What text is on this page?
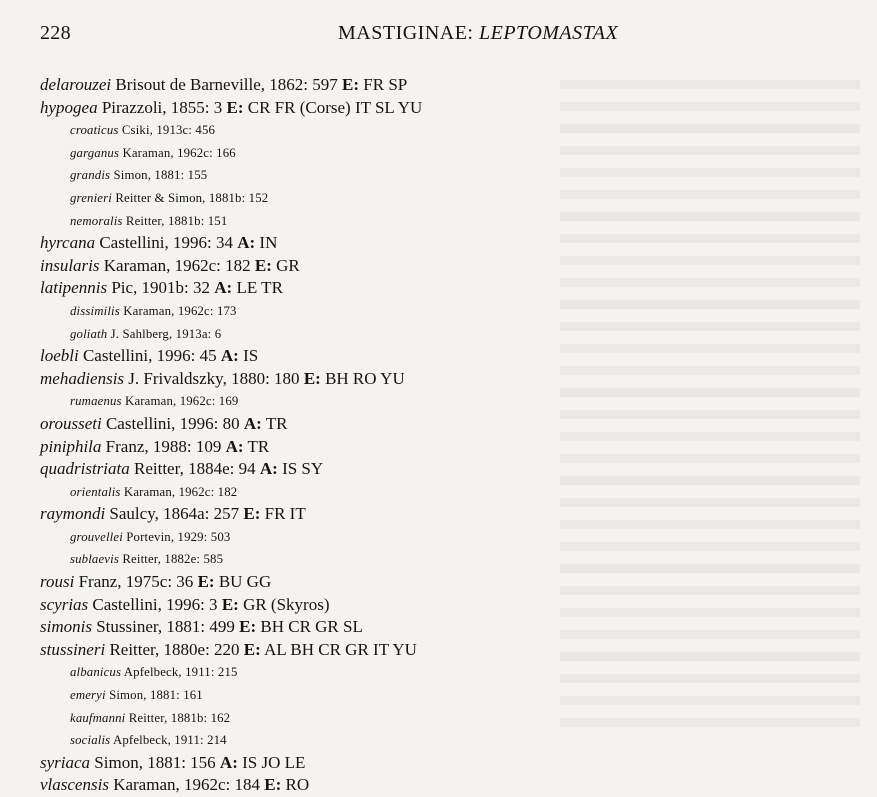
228	MASTIGINAE: LEPTOMASTAX
delarouzei Brisout de Barneville, 1862: 597 E: FR SP
hypogea Pirazzoli, 1855: 3 E: CR FR (Corse) IT SL YU
croaticus Csiki, 1913c: 456
garganus Karaman, 1962c: 166
grandis Simon, 1881: 155
grenieri Reitter & Simon, 1881b: 152
nemoralis Reitter, 1881b: 151
hyrcana Castellini, 1996: 34 A: IN
insularis Karaman, 1962c: 182 E: GR
latipennis Pic, 1901b: 32 A: LE TR
dissimilis Karaman, 1962c: 173
goliath J. Sahlberg, 1913a: 6
loebli Castellini, 1996: 45 A: IS
mehadiensis J. Frivaldszky, 1880: 180 E: BH RO YU
rumaenus Karaman, 1962c: 169
orousseti Castellini, 1996: 80 A: TR
piniphila Franz, 1988: 109 A: TR
quadristriata Reitter, 1884e: 94 A: IS SY
orientalis Karaman, 1962c: 182
raymondi Saulcy, 1864a: 257 E: FR IT
grouvellei Portevin, 1929: 503
sublaevis Reitter, 1882e: 585
rousi Franz, 1975c: 36 E: BU GG
scyrias Castellini, 1996: 3 E: GR (Skyros)
simonis Stussiner, 1881: 499 E: BH CR GR SL
stussineri Reitter, 1880e: 220 E: AL BH CR GR IT YU
albanicus Apfelbeck, 1911: 215
emeryi Simon, 1881: 161
kaufmanni Reitter, 1881b: 162
socialis Apfelbeck, 1911: 214
syriaca Simon, 1881: 156 A: IS JO LE
vlascensis Karaman, 1962c: 184 E: RO
